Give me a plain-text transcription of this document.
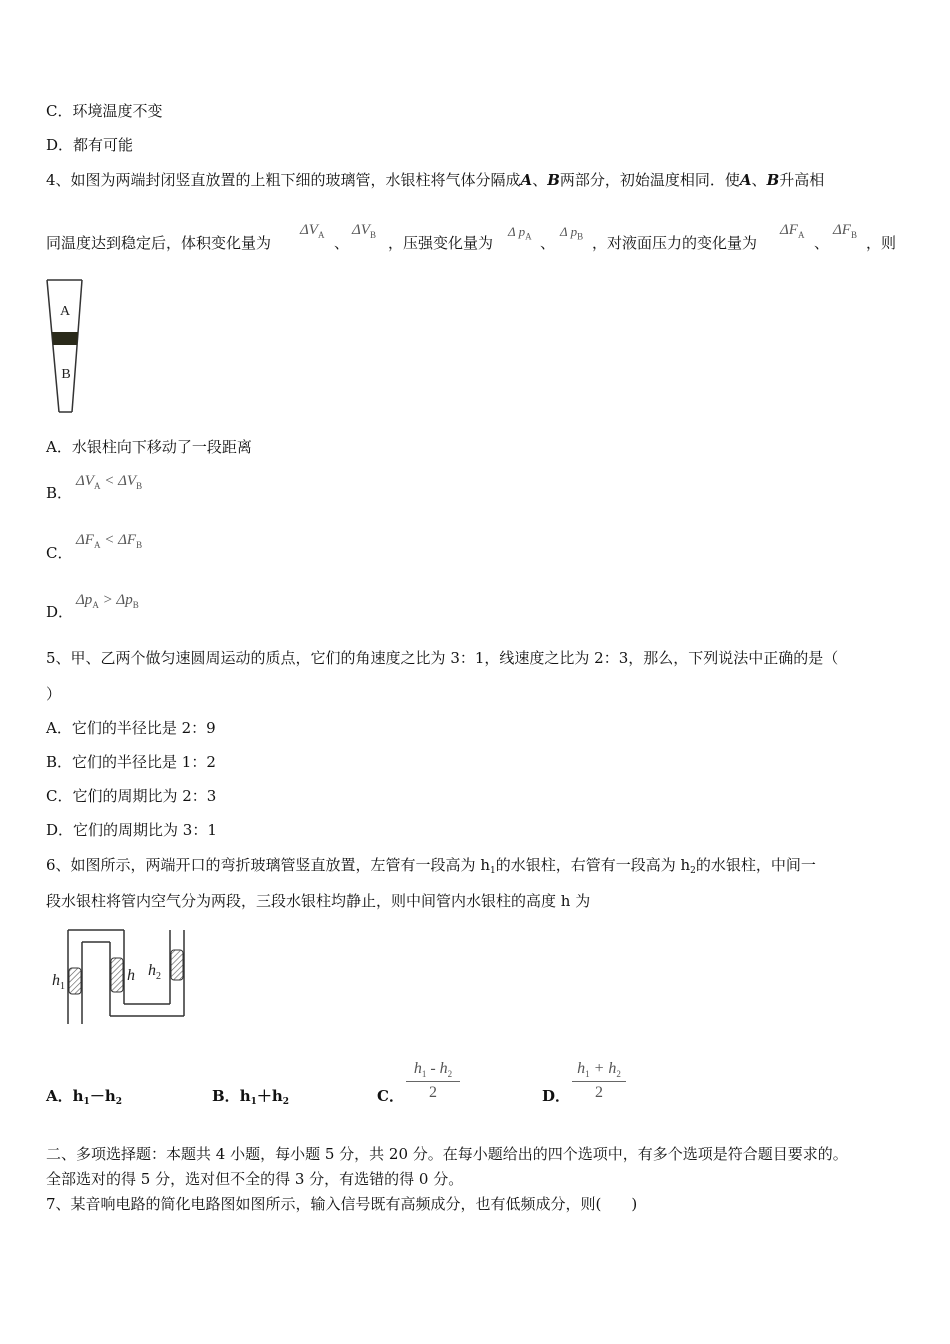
C．环境温度不变
D．都有可能
4、如图为两端封闭竖直放置的上粗下细的玻璃管，水银柱将气体分隔成A、B两部分，初始温度相同．使A、B升高相
同温度达到稳定后，体积变化量为
$\Delta V_A$ 、
$\Delta V_B$ ，压强变化量为
Δ $p_A$ 、
Δ $p_B$ ，对液面压力的变化量为
$\Delta F_A$ 、
$\Delta F_B$ ，则
A
B
A．水银柱向下移动了一段距离
B．
$\Delta V_A < \Delta V_B$
C．
$\Delta F_A < \Delta F_B$
D．
$\Delta p_A > \Delta p_B$
5、甲、乙两个做匀速圆周运动的质点，它们的角速度之比为 3：1，线速度之比为 2：3，那么，下列说法中正确的是（
）
A．它们的半径比是 2：9
B．它们的半径比是 1：2
C．它们的周期比为 2：3
D．它们的周期比为 3：1
6、如图所示，两端开口的弯折玻璃管竖直放置，左管有一段高为 $h_1$的水银柱，右管有一段高为 $h_2$的水银柱，中间一
段水银柱将管内空气分为两段，三段水银柱均静止，则中间管内水银柱的高度 h 为
$h_1$
h $h_2$
A．$h_1-h_2$	B．$h_1+h_2$	C．
$h_1 - h_2$
2	D．
$h_1 + h_2$
2
二、多项选择题：本题共 4 小题，每小题 5 分，共 20 分。在每小题给出的四个选项中，有多个选项是符合题目要求的。
全部选对的得 5 分，选对但不全的得 3 分，有选错的得 0 分。
7、某音响电路的简化电路图如图所示，输入信号既有高频成分，也有低频成分，则(　　)
